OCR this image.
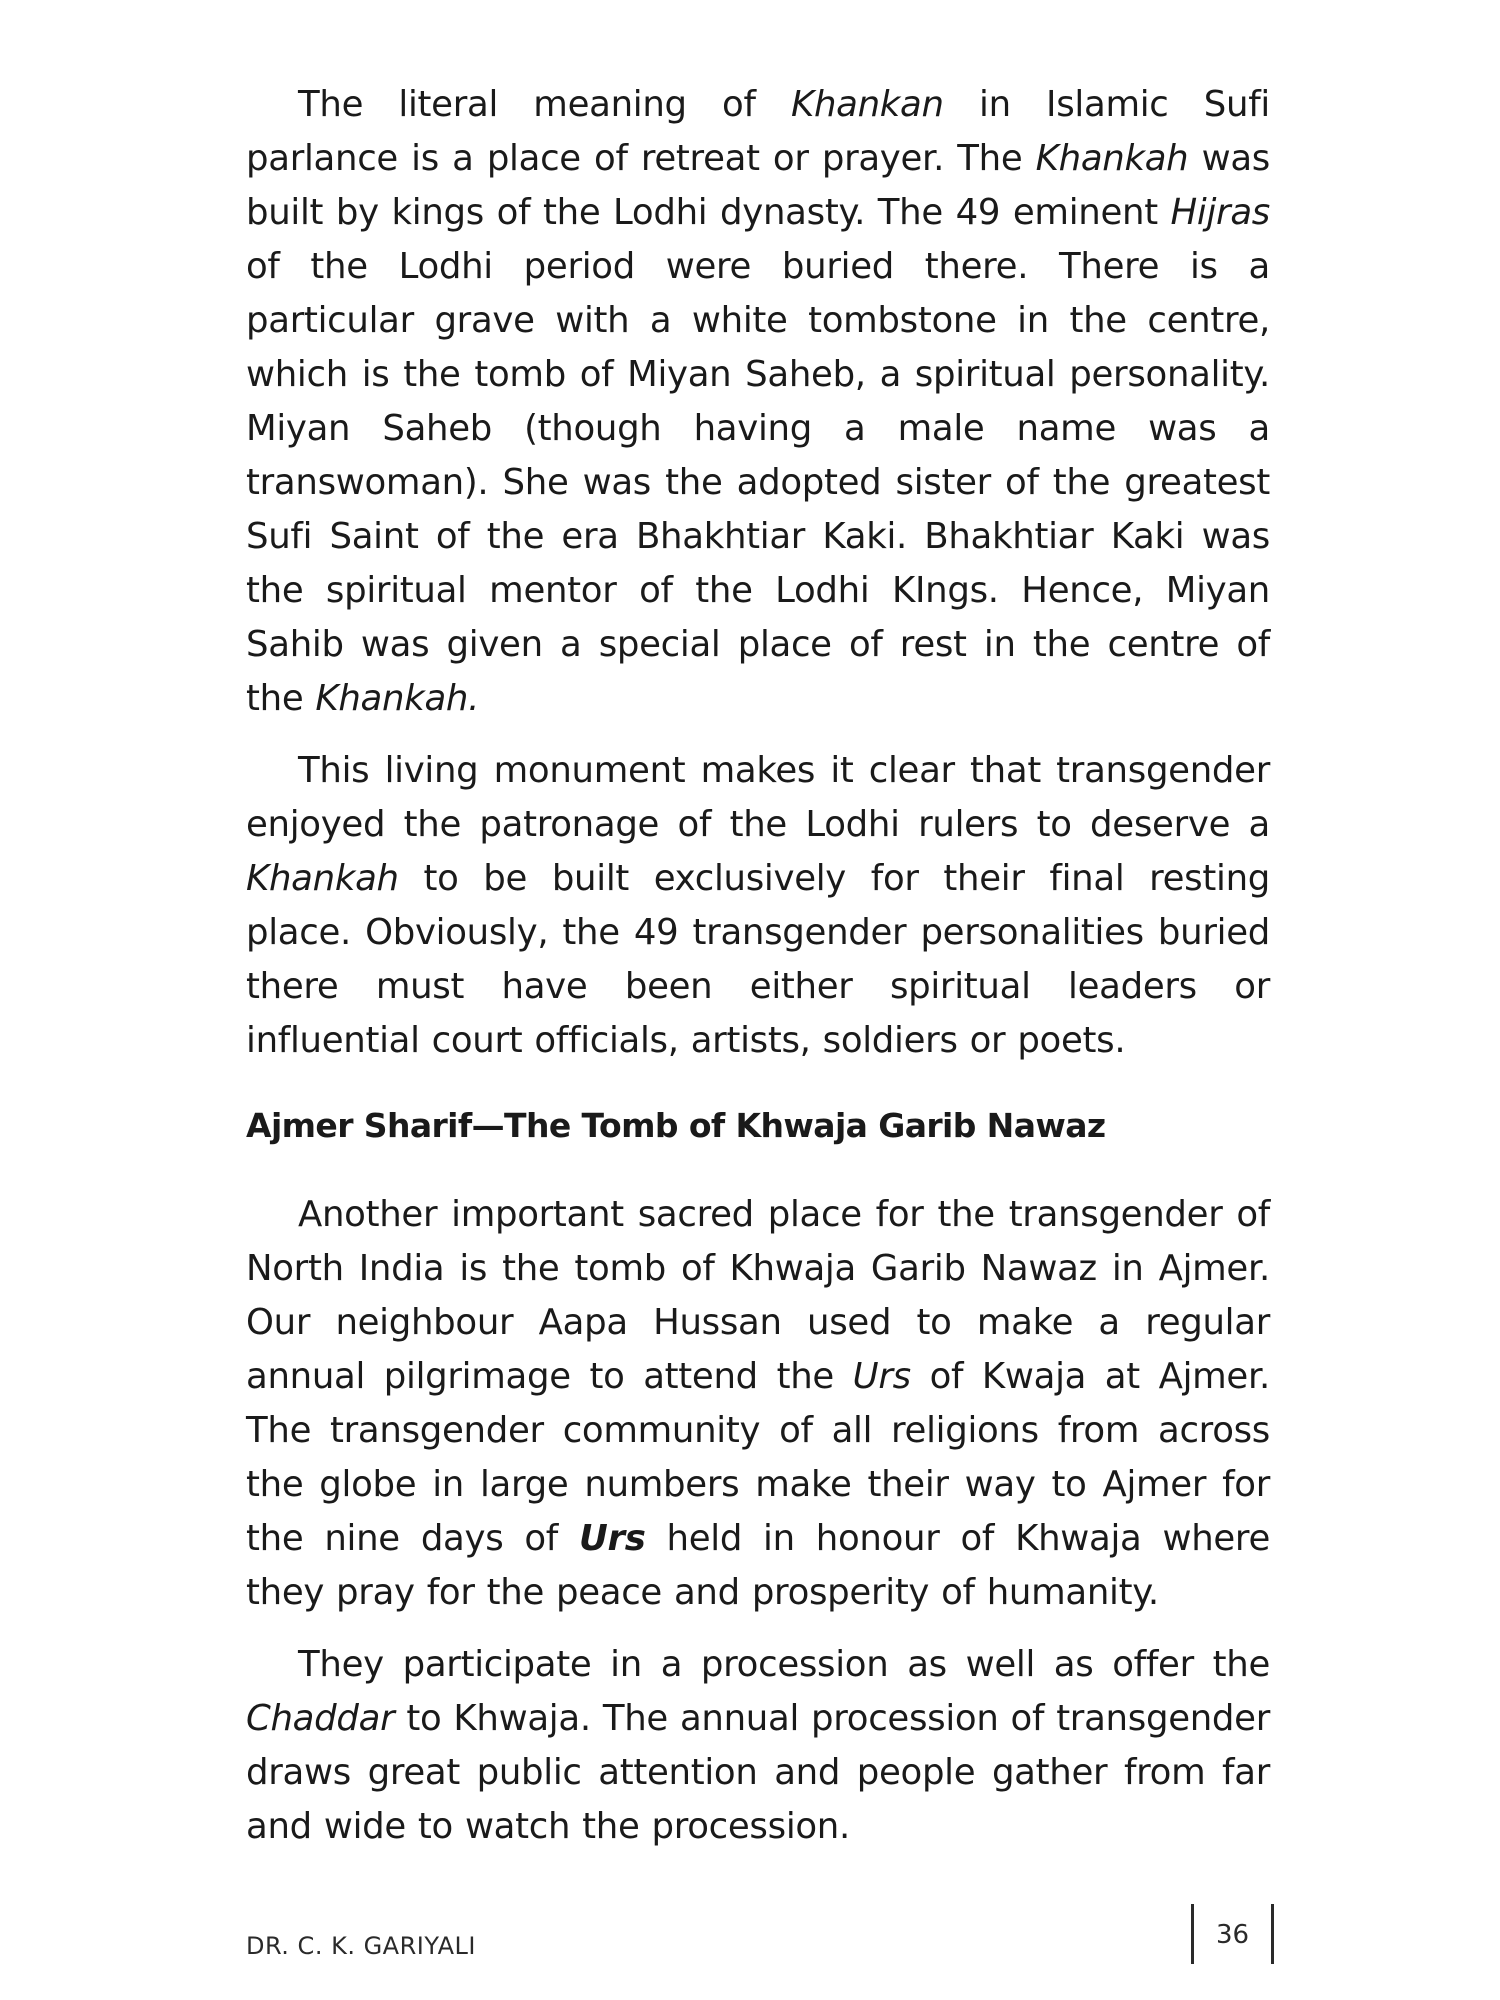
The literal meaning of Khankan in Islamic Sufi parlance is a place of retreat or prayer. The Khankah was built by kings of the Lodhi dynasty. The 49 eminent Hijras of the Lodhi period were buried there. There is a particular grave with a white tombstone in the centre, which is the tomb of Miyan Saheb, a spiritual personality. Miyan Saheb (though having a male name was a transwoman). She was the adopted sister of the greatest Sufi Saint of the era Bhakhtiar Kaki. Bhakhtiar Kaki was the spiritual mentor of the Lodhi KIngs. Hence, Miyan Sahib was given a special place of rest in the centre of the Khankah.

This living monument makes it clear that transgender enjoyed the patronage of the Lodhi rulers to deserve a Khankah to be built exclusively for their final resting place. Obviously, the 49 transgender personalities buried there must have been either spiritual leaders or influential court officials, artists, soldiers or poets.

Ajmer Sharif—The Tomb of Khwaja Garib Nawaz

Another important sacred place for the transgender of North India is the tomb of Khwaja Garib Nawaz in Ajmer. Our neighbour Aapa Hussan used to make a regular annual pilgrimage to attend the Urs of Kwaja at Ajmer. The transgender community of all religions from across the globe in large numbers make their way to Ajmer for the nine days of Urs held in honour of Khwaja where they pray for the peace and prosperity of humanity.

They participate in a procession as well as offer the Chaddar to Khwaja. The annual procession of transgender draws great public attention and people gather from far and wide to watch the procession.

DR. C. K. GARIYALI	36
